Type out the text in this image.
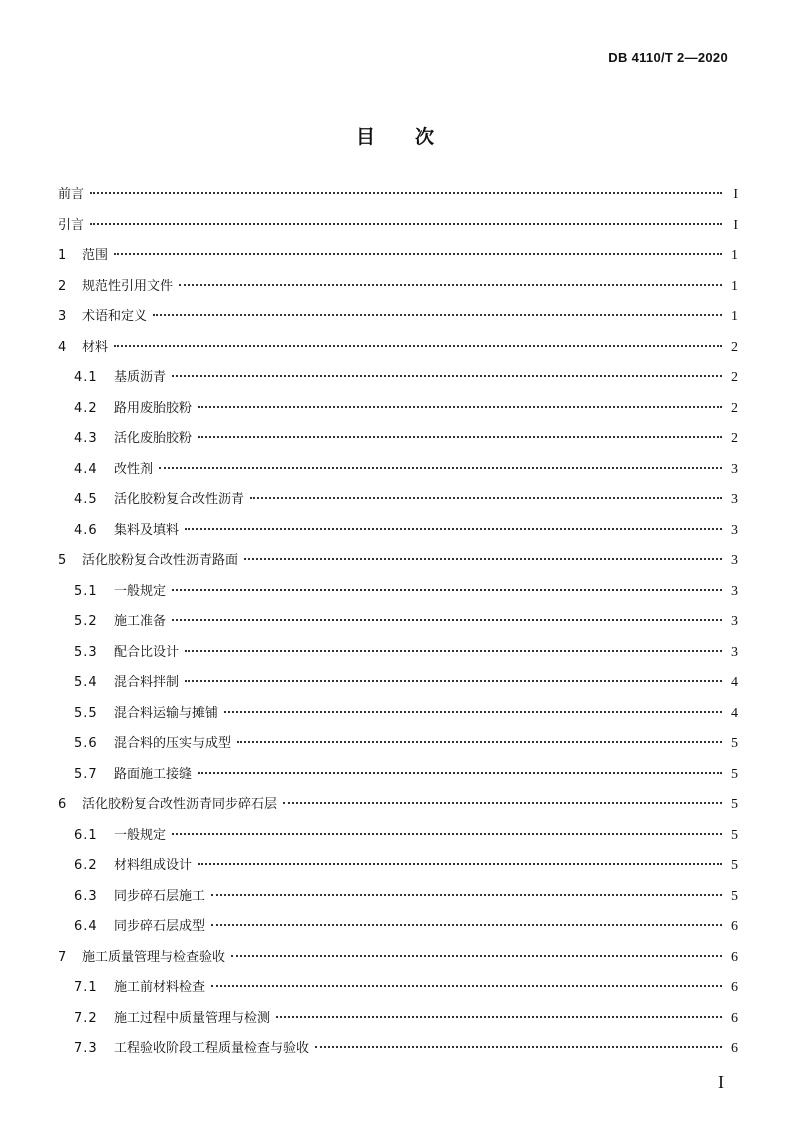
DB 4110/T 2—2020
目次
前言	I
引言	I
1	范围	1
2	规范性引用文件	1
3	术语和定义	1
4	材料	2
4.1	基质沥青	2
4.2	路用废胎胶粉	2
4.3	活化废胎胶粉	2
4.4	改性剂	3
4.5	活化胶粉复合改性沥青	3
4.6	集料及填料	3
5	活化胶粉复合改性沥青路面	3
5.1	一般规定	3
5.2	施工准备	3
5.3	配合比设计	3
5.4	混合料拌制	4
5.5	混合料运输与摊铺	4
5.6	混合料的压实与成型	5
5.7	路面施工接缝	5
6	活化胶粉复合改性沥青同步碎石层	5
6.1	一般规定	5
6.2	材料组成设计	5
6.3	同步碎石层施工	5
6.4	同步碎石层成型	6
7	施工质量管理与检查验收	6
7.1	施工前材料检查	6
7.2	施工过程中质量管理与检测	6
7.3	工程验收阶段工程质量检查与验收	6
I
